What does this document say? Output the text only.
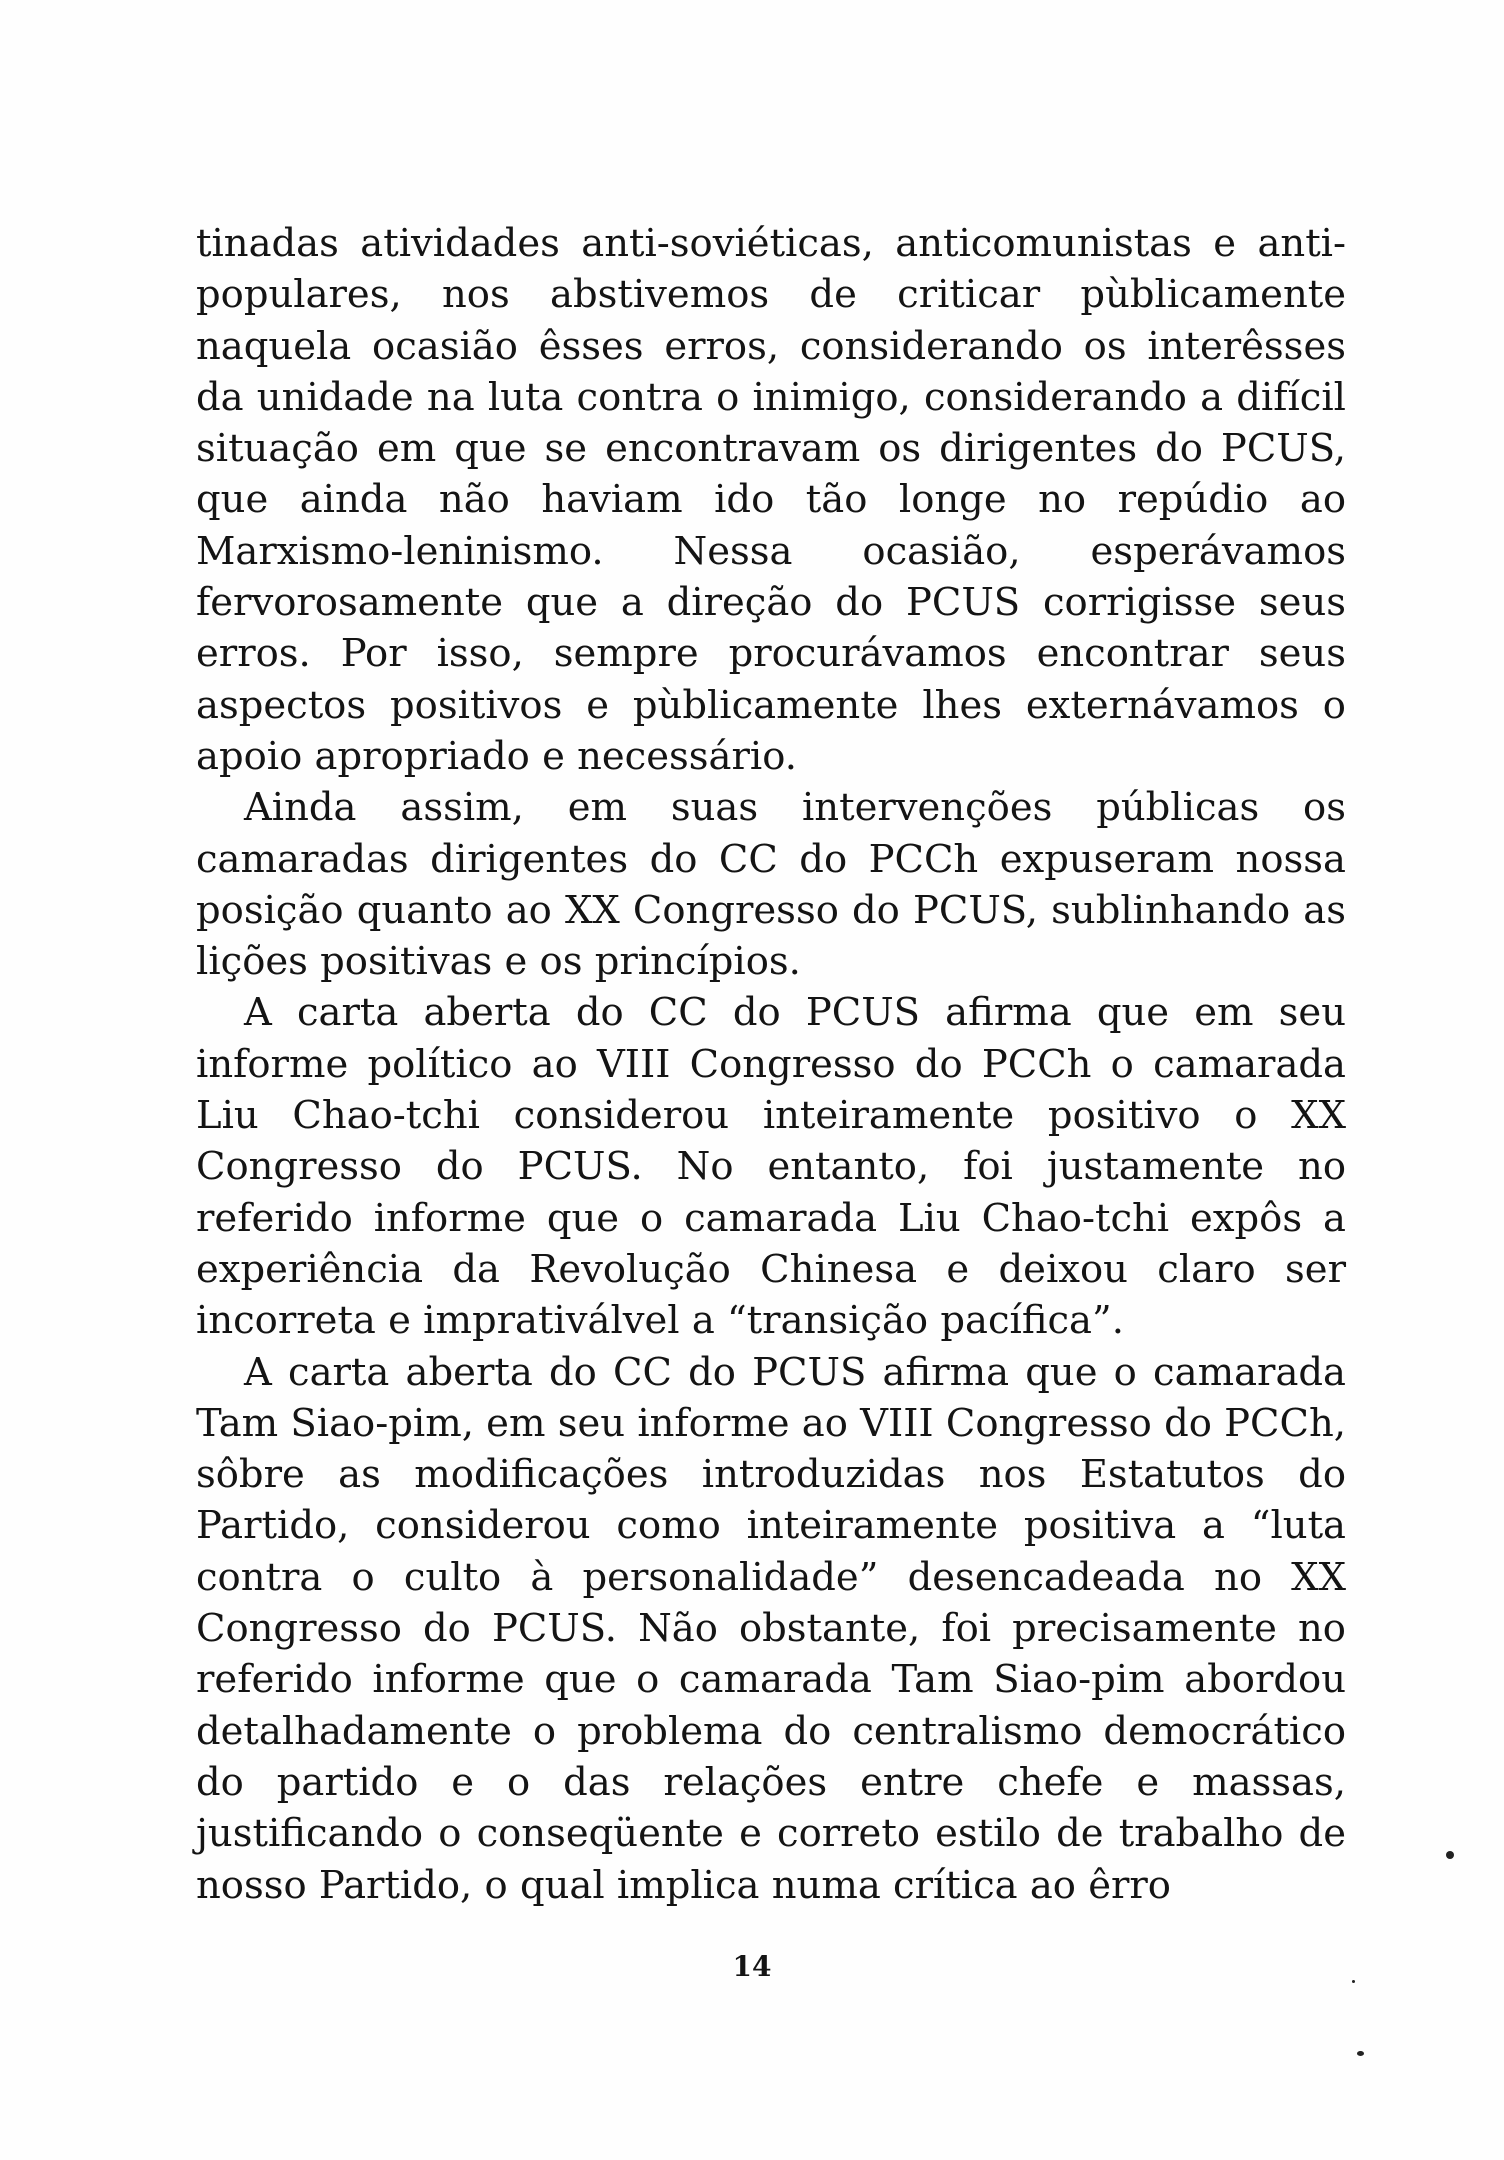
tinadas atividades anti-soviéticas, anticomunistas e anti-populares, nos abstivemos de criticar pùblicamente naquela ocasião êsses erros, considerando os interêsses da unidade na luta contra o inimigo, considerando a difícil situação em que se encontravam os dirigentes do PCUS, que ainda não haviam ido tão longe no repúdio ao Marxismo-leninismo. Nessa ocasião, esperávamos fervorosamente que a direção do PCUS corrigisse seus erros. Por isso, sempre procurávamos encontrar seus aspectos positivos e pùblicamente lhes externávamos o apoio apropriado e necessário.

Ainda assim, em suas intervenções públicas os camaradas dirigentes do CC do PCCh expuseram nossa posição quanto ao XX Congresso do PCUS, sublinhando as lições positivas e os princípios.

A carta aberta do CC do PCUS afirma que em seu informe político ao VIII Congresso do PCCh o camarada Liu Chao-tchi considerou inteiramente positivo o XX Congresso do PCUS. No entanto, foi justamente no referido informe que o camarada Liu Chao-tchi expôs a experiência da Revolução Chinesa e deixou claro ser incorreta e imprativálvel a “transição pacífica”.

A carta aberta do CC do PCUS afirma que o camarada Tam Siao-pim, em seu informe ao VIII Congresso do PCCh, sôbre as modificações introduzidas nos Estatutos do Partido, considerou como inteiramente positiva a “luta contra o culto à personalidade” desencadeada no XX Congresso do PCUS. Não obstante, foi precisamente no referido informe que o camarada Tam Siao-pim abordou detalhadamente o problema do centralismo democrático do partido e o das relações entre chefe e massas, justificando o conseqüente e correto estilo de trabalho de nosso Partido, o qual implica numa crítica ao êrro

14
